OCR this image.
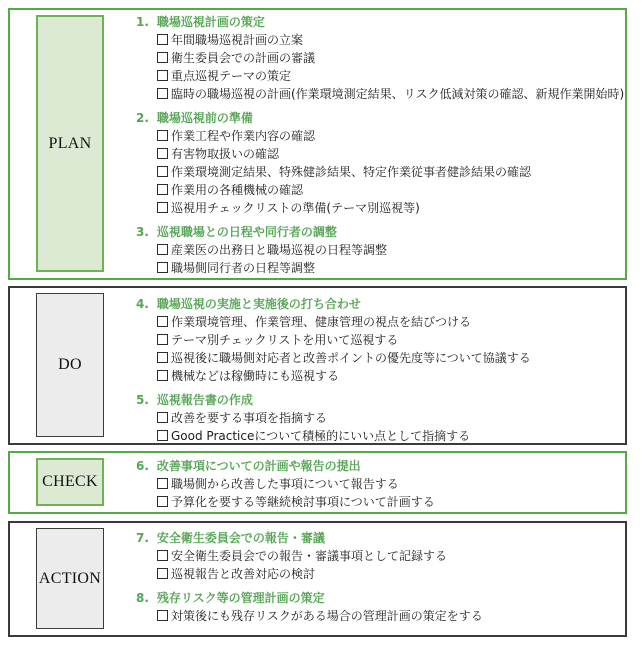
PLAN
1. 職場巡視計画の策定
年間職場巡視計画の立案
衛生委員会での計画の審議
重点巡視テーマの策定
臨時の職場巡視の計画(作業環境測定結果、リスク低減対策の確認、新規作業開始時)
2. 職場巡視前の準備
作業工程や作業内容の確認
有害物取扱いの確認
作業環境測定結果、特殊健診結果、特定作業従事者健診結果の確認
作業用の各種機械の確認
巡視用チェックリストの準備(テーマ別巡視等)
3. 巡視職場との日程や同行者の調整
産業医の出務日と職場巡視の日程等調整
職場側同行者の日程等調整
DO
4. 職場巡視の実施と実施後の打ち合わせ
作業環境管理、作業管理、健康管理の視点を結びつける
テーマ別チェックリストを用いて巡視する
巡視後に職場側対応者と改善ポイントの優先度等について協議する
機械などは稼働時にも巡視する
5. 巡視報告書の作成
改善を要する事項を指摘する
Good Practiceについて積極的にいい点として指摘する
CHECK
6. 改善事項についての計画や報告の提出
職場側から改善した事項について報告する
予算化を要する等継続検討事項について計画する
ACTION
7. 安全衛生委員会での報告・審議
安全衛生委員会での報告・審議事項として記録する
巡視報告と改善対応の検討
8. 残存リスク等の管理計画の策定
対策後にも残存リスクがある場合の管理計画の策定をする
